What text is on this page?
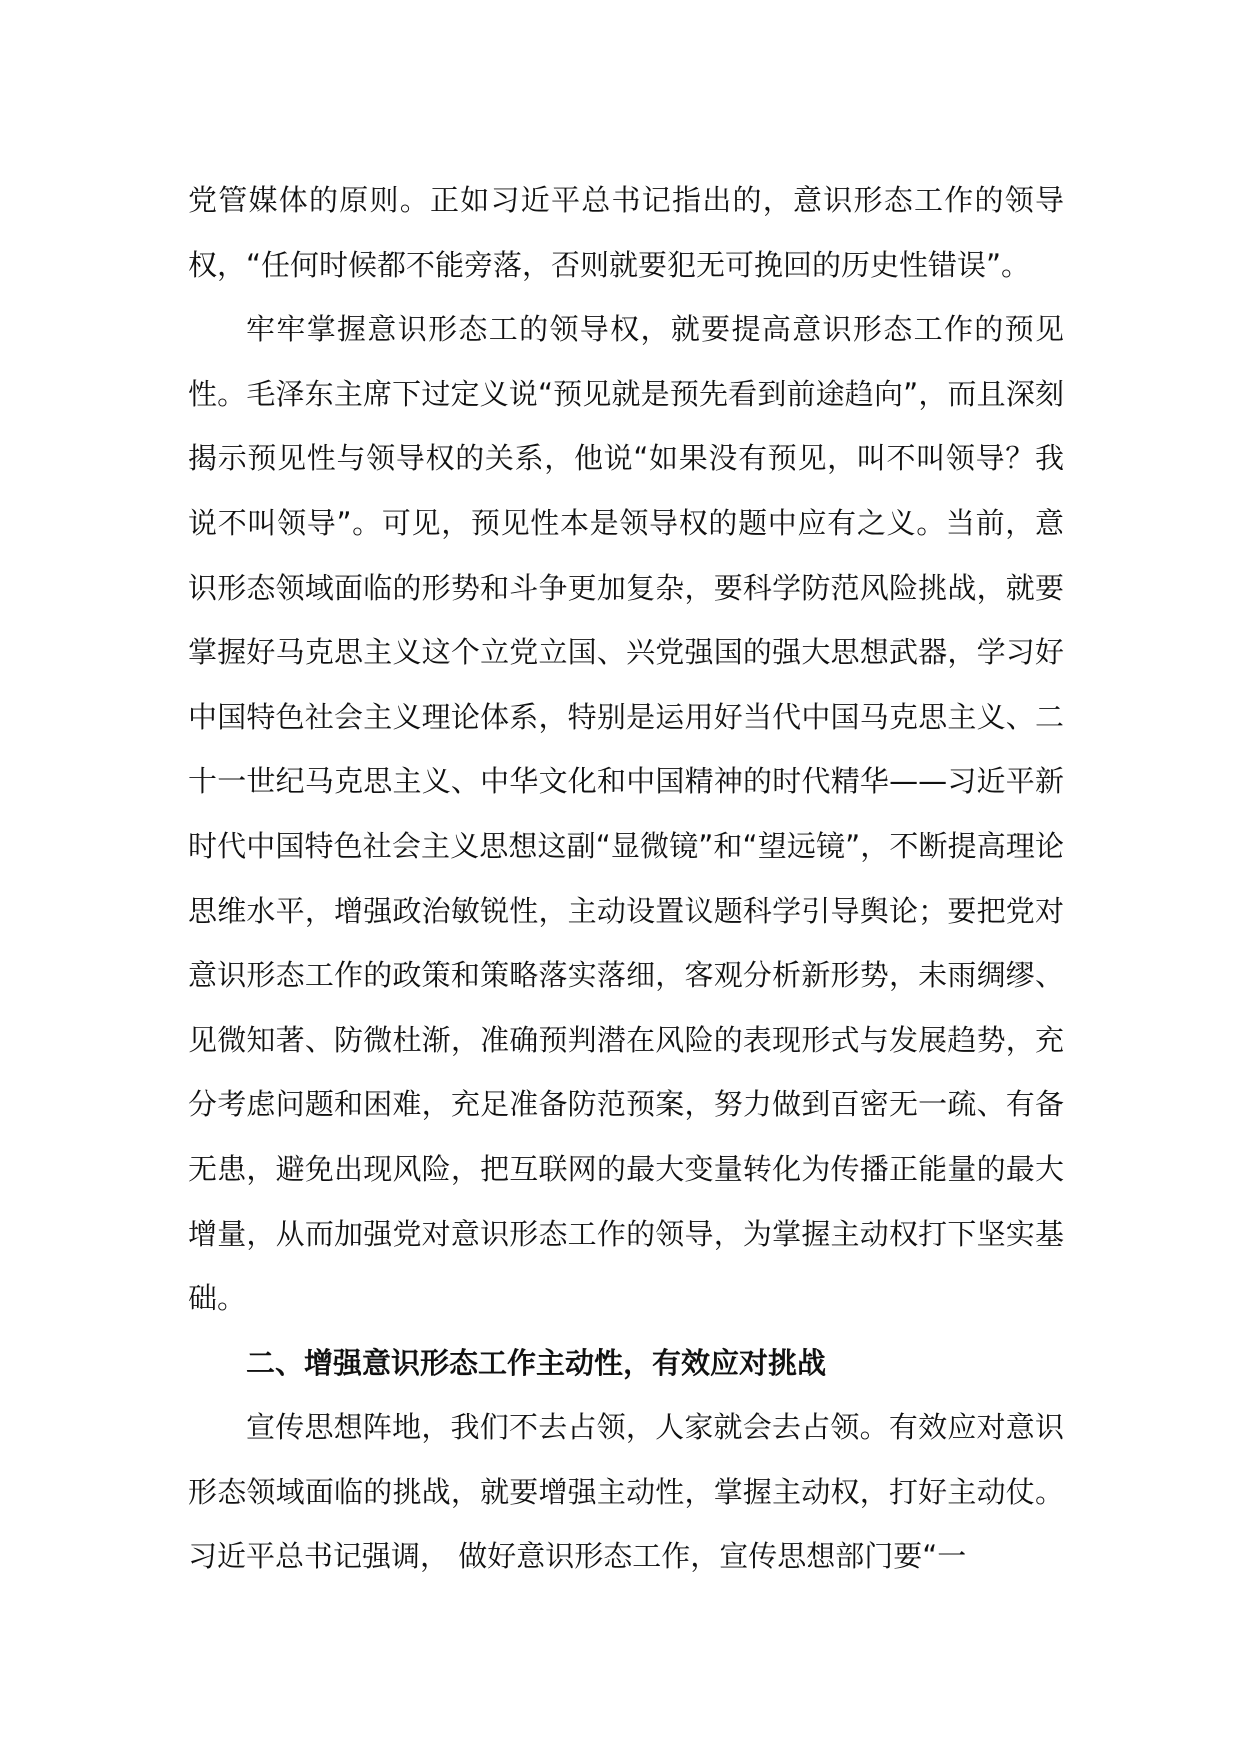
党管媒体的原则。正如习近平总书记指出的，意识形态工作的领导权，“任何时候都不能旁落，否则就要犯无可挽回的历史性错误”。

牢牢掌握意识形态工的领导权，就要提高意识形态工作的预见性。毛泽东主席下过定义说“预见就是预先看到前途趋向”，而且深刻揭示预见性与领导权的关系，他说“如果没有预见，叫不叫领导？我说不叫领导”。可见，预见性本是领导权的题中应有之义。当前，意识形态领域面临的形势和斗争更加复杂，要科学防范风险挑战，就要掌握好马克思主义这个立党立国、兴党强国的强大思想武器，学习好中国特色社会主义理论体系，特别是运用好当代中国马克思主义、二十一世纪马克思主义、中华文化和中国精神的时代精华——习近平新时代中国特色社会主义思想这副“显微镜”和“望远镜”，不断提高理论思维水平，增强政治敏锐性，主动设置议题科学引导舆论；要把党对意识形态工作的政策和策略落实落细，客观分析新形势，未雨绸缪、见微知著、防微杜渐，准确预判潜在风险的表现形式与发展趋势，充分考虑问题和困难，充足准备防范预案，努力做到百密无一疏、有备无患，避免出现风险，把互联网的最大变量转化为传播正能量的最大增量，从而加强党对意识形态工作的领导，为掌握主动权打下坚实基础。

二、增强意识形态工作主动性，有效应对挑战

宣传思想阵地，我们不去占领，人家就会去占领。有效应对意识形态领域面临的挑战，就要增强主动性，掌握主动权，打好主动仗。习近平总书记强调， 做好意识形态工作，宣传思想部门要“一
